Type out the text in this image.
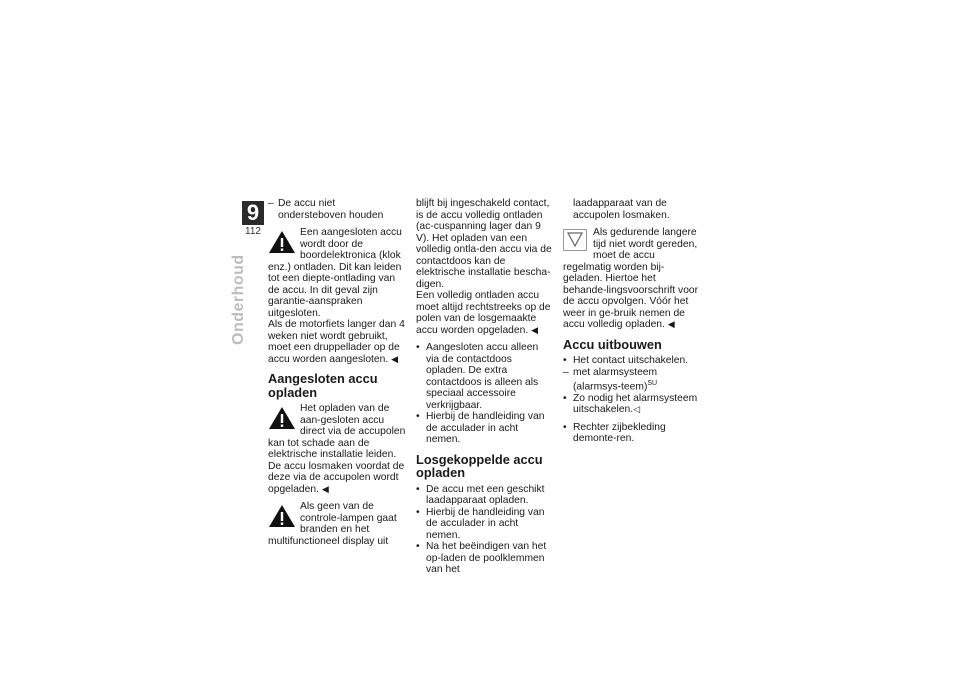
9
112
Onderhoud

– De accu niet ondersteboven houden

Een aangesloten accu wordt door de boordelektronica (klok enz.) ontladen. Dit kan leiden tot een diepte-ontlading van de accu. In dit geval zijn garantie-aanspraken uitgesloten.

Als de motorfiets langer dan 4 weken niet wordt gebruikt, moet een druppellader op de accu worden aangesloten. ◀

Aangesloten accu opladen

Het opladen van de aan-gesloten accu direct via de accupolen kan tot schade aan de elektrische installatie leiden.

De accu losmaken voordat de deze via de accupolen wordt opgeladen. ◀

Als geen van de controle-lampen gaat branden en het multifunctioneel display uit

blijft bij ingeschakeld contact, is de accu volledig ontladen (ac-cuspanning lager dan 9 V). Het opladen van een volledig ontla-den accu via de contactdoos kan de elektrische installatie bescha-digen.

Een volledig ontladen accu moet altijd rechtstreeks op de polen van de losgemaakte accu worden opgeladen. ◀

• Aangesloten accu alleen via de contactdoos opladen. De extra contactdoos is alleen als speciaal accessoire verkrijgbaar.

• Hierbij de handleiding van de acculader in acht nemen.

Losgekoppelde accu opladen

• De accu met een geschikt laadapparaat opladen.

• Hierbij de handleiding van de acculader in acht nemen.

• Na het beëindigen van het op-laden de poolklemmen van het

laadapparaat van de accupolen losmaken.

Als gedurende langere tijd niet wordt gereden, moet de accu regelmatig worden bij-geladen. Hiertoe het behande-lingsvoorschrift voor de accu opvolgen. Vóór het weer in ge-bruik nemen de accu volledig opladen. ◀

Accu uitbouwen

• Het contact uitschakelen.

– met alarmsysteem (alarmsys-teem)$^{SU}$

• Zo nodig het alarmsysteem uitschakelen.◁

• Rechter zijbekleding demonte-ren.
